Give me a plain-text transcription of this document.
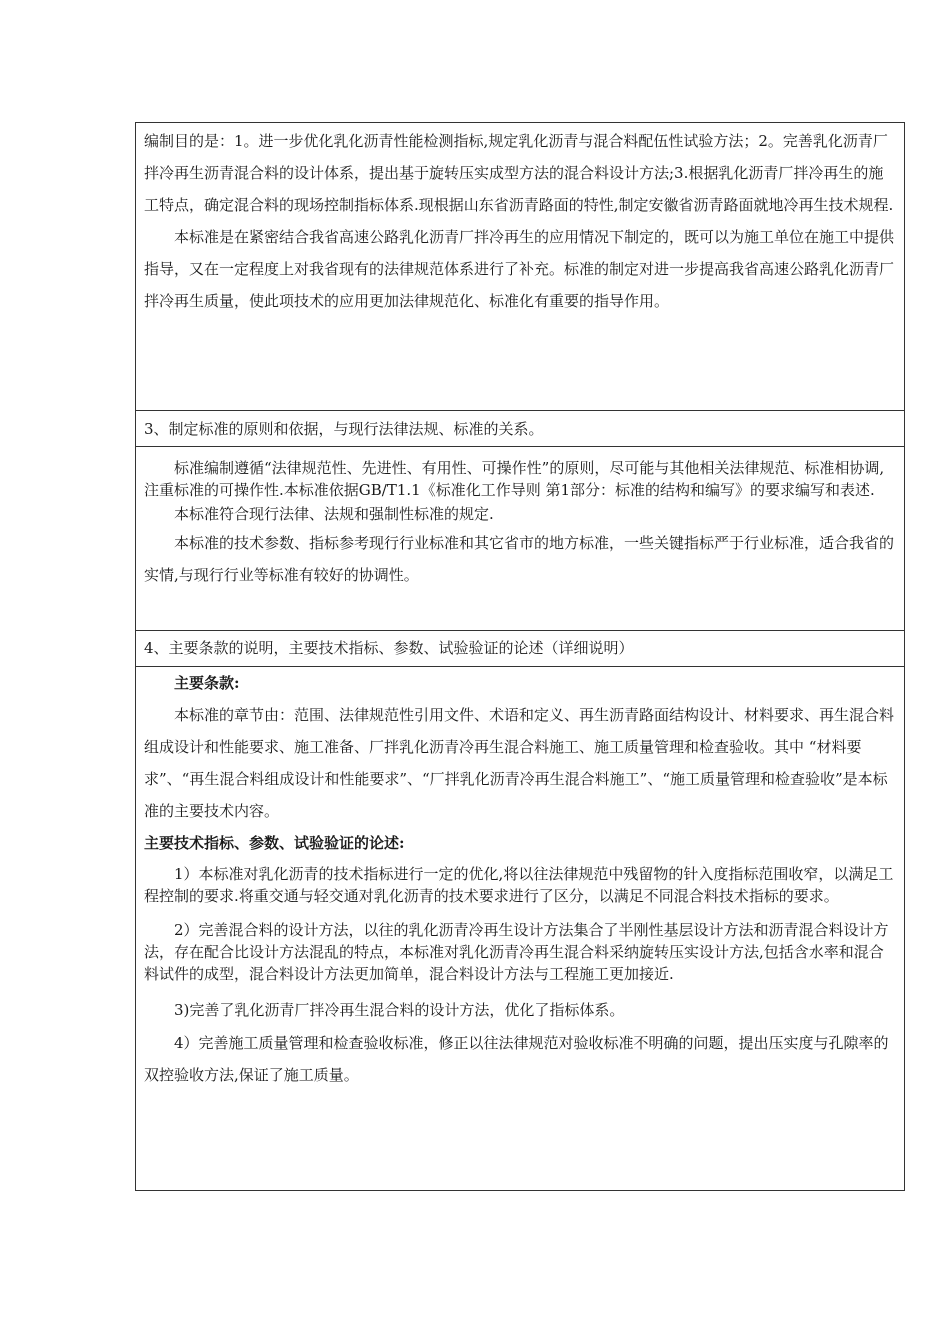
编制目的是：1。进一步优化乳化沥青性能检测指标,规定乳化沥青与混合料配伍性试验方法；2。完善乳化沥青厂拌冷再生沥青混合料的设计体系，提出基于旋转压实成型方法的混合料设计方法;3.根据乳化沥青厂拌冷再生的施工特点，确定混合料的现场控制指标体系.现根据山东省沥青路面的特性,制定安徽省沥青路面就地冷再生技术规程.

本标准是在紧密结合我省高速公路乳化沥青厂拌冷再生的应用情况下制定的，既可以为施工单位在施工中提供指导，又在一定程度上对我省现有的法律规范体系进行了补充。标准的制定对进一步提高我省高速公路乳化沥青厂拌冷再生质量，使此项技术的应用更加法律规范化、标准化有重要的指导作用。

3、制定标准的原则和依据，与现行法律法规、标准的关系。

标准编制遵循“法律规范性、先进性、有用性、可操作性”的原则，尽可能与其他相关法律规范、标准相协调,注重标准的可操作性.本标准依据GB/T1.1《标准化工作导则 第1部分：标准的结构和编写》的要求编写和表述.

本标准符合现行法律、法规和强制性标准的规定.

本标准的技术参数、指标参考现行行业标准和其它省市的地方标准，一些关键指标严于行业标准，适合我省的实情,与现行行业等标准有较好的协调性。

4、主要条款的说明，主要技术指标、参数、试验验证的论述（详细说明）

主要条款:

本标准的章节由：范围、法律规范性引用文件、术语和定义、再生沥青路面结构设计、材料要求、再生混合料组成设计和性能要求、施工准备、厂拌乳化沥青冷再生混合料施工、施工质量管理和检查验收。其中 “材料要求”、“再生混合料组成设计和性能要求”、“厂拌乳化沥青冷再生混合料施工”、“施工质量管理和检查验收”是本标准的主要技术内容。

主要技术指标、参数、试验验证的论述:

1）本标准对乳化沥青的技术指标进行一定的优化,将以往法律规范中残留物的针入度指标范围收窄，以满足工程控制的要求.将重交通与轻交通对乳化沥青的技术要求进行了区分，以满足不同混合料技术指标的要求。

2）完善混合料的设计方法，以往的乳化沥青冷再生设计方法集合了半刚性基层设计方法和沥青混合料设计方法，存在配合比设计方法混乱的特点，本标准对乳化沥青冷再生混合料采纳旋转压实设计方法,包括含水率和混合料试件的成型，混合料设计方法更加简单，混合料设计方法与工程施工更加接近.

3)完善了乳化沥青厂拌冷再生混合料的设计方法，优化了指标体系。

4）完善施工质量管理和检查验收标准，修正以往法律规范对验收标准不明确的问题，提出压实度与孔隙率的双控验收方法,保证了施工质量。
